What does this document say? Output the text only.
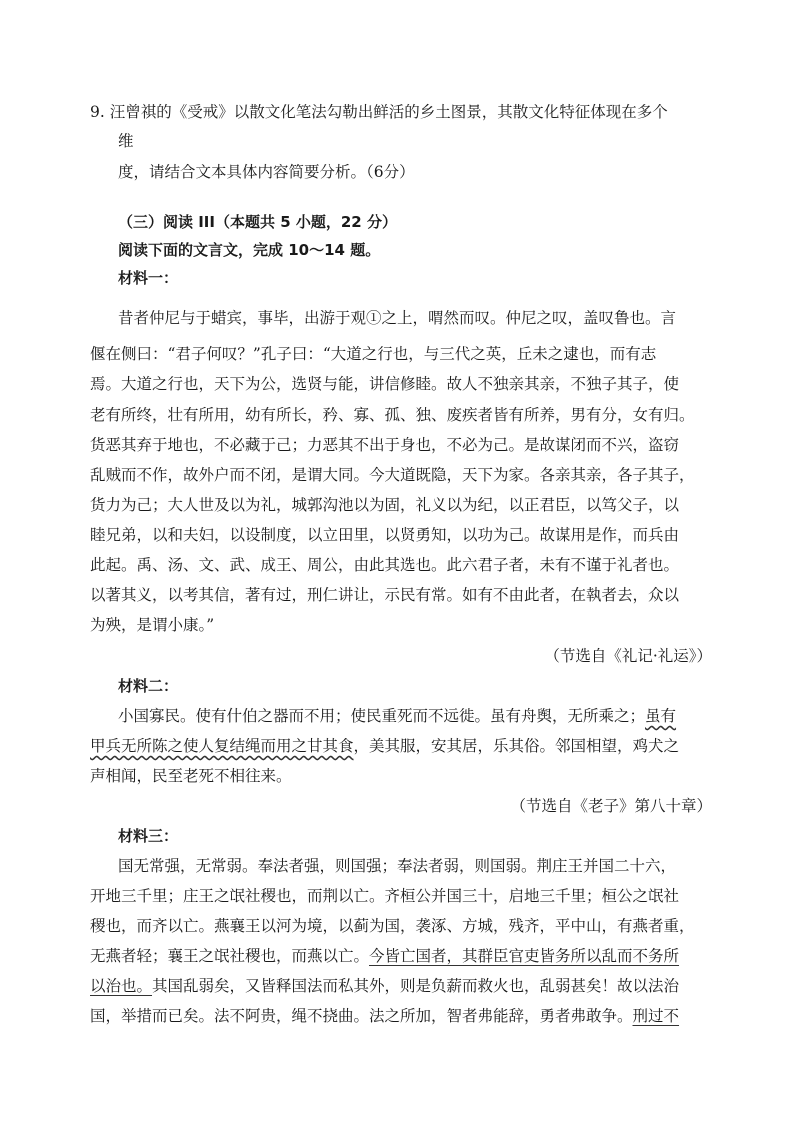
9. 汪曾祺的《受戒》以散文化笔法勾勒出鲜活的乡土图景，其散文化特征体现在多个
维
度，请结合文本具体内容简要分析。（6分）
（三）阅读 III（本题共 5 小题，22 分）
阅读下面的文言文，完成 10～14 题。
材料一：
昔者仲尼与于蜡宾，事毕，出游于观①之上，喟然而叹。仲尼之叹，盖叹鲁也。言
偃在侧曰：“君子何叹？”孔子曰：“大道之行也，与三代之英，丘未之逮也，而有志
焉。大道之行也，天下为公，选贤与能，讲信修睦。故人不独亲其亲，不独子其子，使
老有所终，壮有所用，幼有所长，矜、寡、孤、独、废疾者皆有所养，男有分，女有归。
货恶其弃于地也，不必藏于己；力恶其不出于身也，不必为己。是故谋闭而不兴，盗窃
乱贼而不作，故外户而不闭，是谓大同。今大道既隐，天下为家。各亲其亲，各子其子，
货力为己；大人世及以为礼，城郭沟池以为固，礼义以为纪，以正君臣，以笃父子，以
睦兄弟，以和夫妇，以设制度，以立田里，以贤勇知，以功为己。故谋用是作，而兵由
此起。禹、汤、文、武、成王、周公，由此其选也。此六君子者，未有不谨于礼者也。
以著其义，以考其信，著有过，刑仁讲让，示民有常。如有不由此者，在執者去，众以
为殃，是谓小康。”
（节选自《礼记·礼运》）
材料二：
小国寡民。使有什伯之器而不用；使民重死而不远徙。虽有舟舆，无所乘之；虽有
甲兵无所陈之使人复结绳而用之甘其食，美其服，安其居，乐其俗。邻国相望，鸡犬之
声相闻，民至老死不相往来。
（节选自《老子》第八十章）
材料三：
国无常强，无常弱。奉法者强，则国强；奉法者弱，则国弱。荆庄王并国二十六，
开地三千里；庄王之氓社稷也，而荆以亡。齐桓公并国三十，启地三千里；桓公之氓社
稷也，而齐以亡。燕襄王以河为境，以蓟为国，袭涿、方城，残齐，平中山，有燕者重，
无燕者轻；襄王之氓社稷也，而燕以亡。今皆亡国者，其群臣官吏皆务所以乱而不务所
以治也。其国乱弱矣，又皆释国法而私其外，则是负薪而救火也，乱弱甚矣！故以法治
国，举措而已矣。法不阿贵，绳不挠曲。法之所加，智者弗能辞，勇者弗敢争。刑过不
